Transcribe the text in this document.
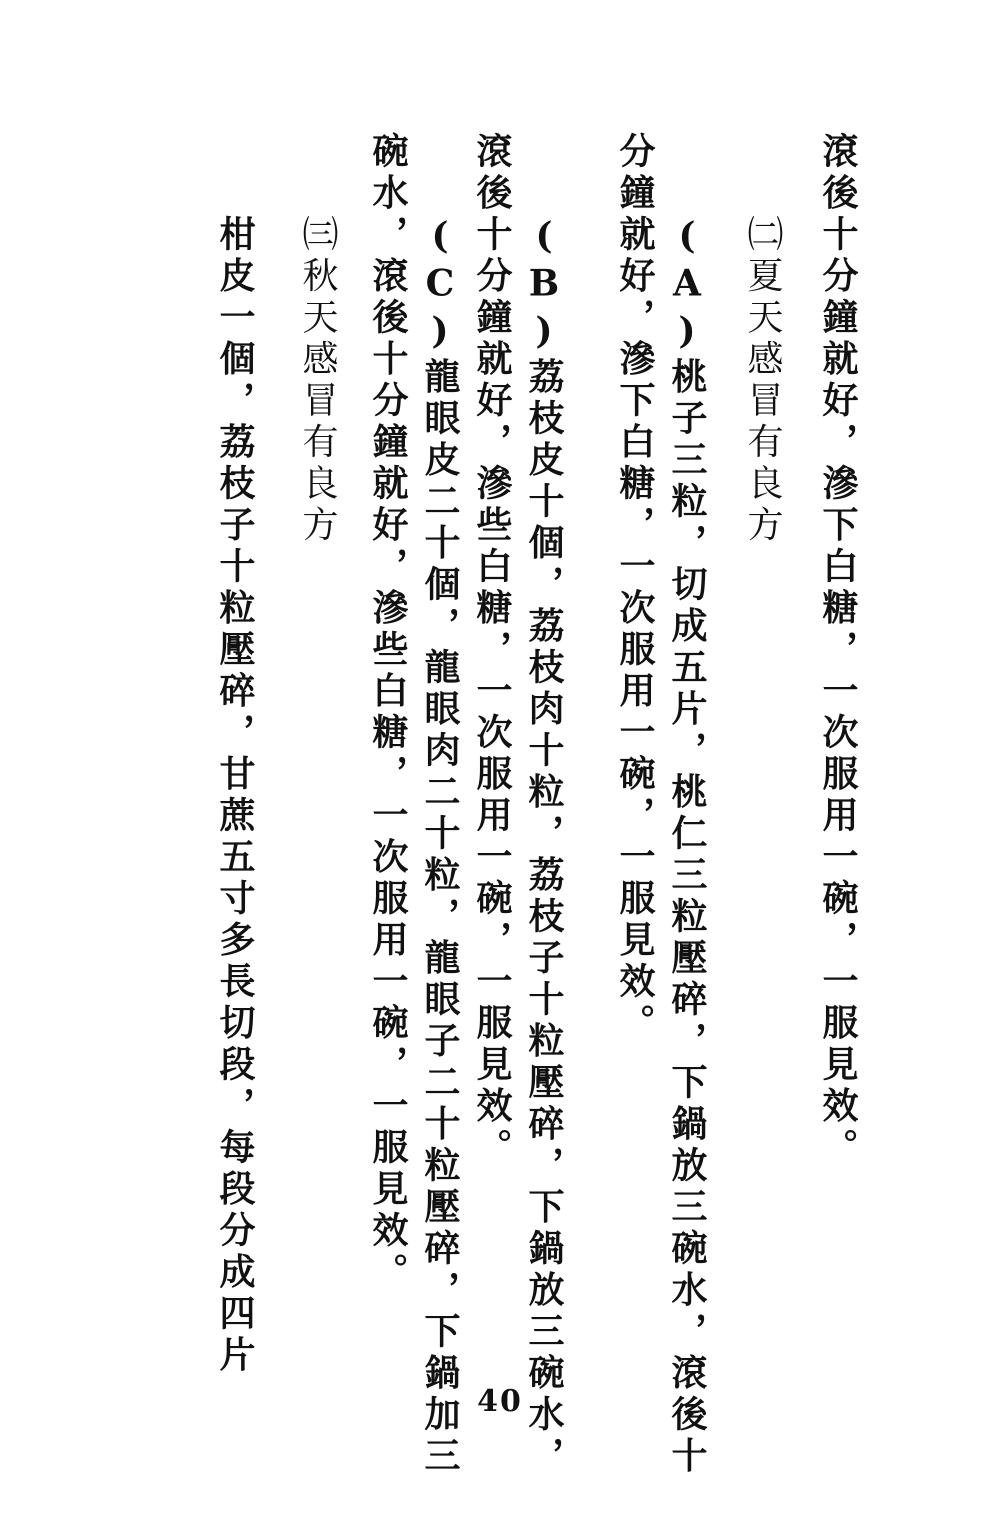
滾後十分鐘就好，滲下白糖，一次服用一碗，一服見效。
㈡夏天感冒有良方
(A)桃子三粒，切成五片，桃仁三粒壓碎，下鍋放三碗水，滾後十
分鐘就好，滲下白糖，一次服用一碗，一服見效。
(B)荔枝皮十個，荔枝肉十粒，荔枝子十粒壓碎，下鍋放三碗水，
滾後十分鐘就好，滲些白糖，一次服用一碗，一服見效。
(C)龍眼皮二十個，龍眼肉二十粒，龍眼子二十粒壓碎，下鍋加三
碗水，滾後十分鐘就好，滲些白糖，一次服用一碗，一服見效。
㈢秋天感冒有良方
柑皮一個，荔枝子十粒壓碎，甘蔗五寸多長切段，每段分成四片
40
